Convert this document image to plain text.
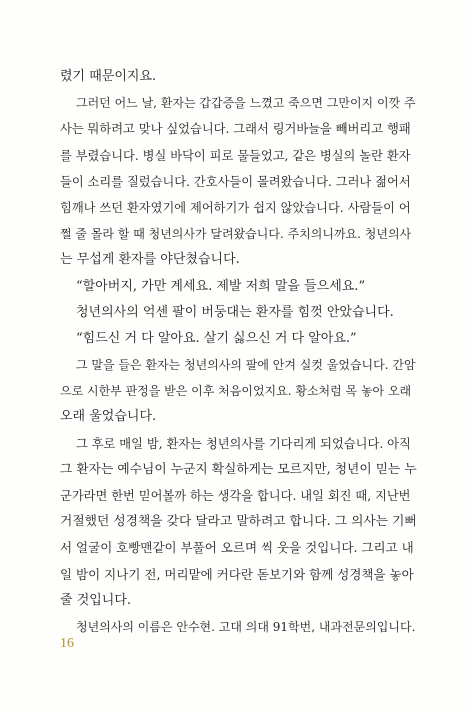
렸기 때문이지요.
그러던 어느 날, 환자는 갑갑증을 느꼈고 죽으면 그만이지 이깟 주
사는 뭐하려고 맞나 싶었습니다. 그래서 링거바늘을 빼버리고 행패
를 부렸습니다. 병실 바닥이 피로 물들었고, 같은 병실의 놀란 환자
들이 소리를 질렀습니다. 간호사들이 몰려왔습니다. 그러나 젊어서
힘깨나 쓰던 환자였기에 제어하기가 쉽지 않았습니다. 사람들이 어
쩔 줄 몰라 할 때 청년의사가 달려왔습니다. 주치의니까요. 청년의사
는 무섭게 환자를 야단쳤습니다.
“할아버지, 가만 계세요. 제발 저희 말을 들으세요.”
청년의사의 억센 팔이 버둥대는 환자를 힘껏 안았습니다.
“힘드신 거 다 알아요. 살기 싫으신 거 다 알아요.”
그 말을 들은 환자는 청년의사의 팔에 안겨 실컷 울었습니다. 간암
으로 시한부 판정을 받은 이후 처음이었지요. 황소처럼 목 놓아 오래
오래 울었습니다.
그 후로 매일 밤, 환자는 청년의사를 기다리게 되었습니다. 아직
그 환자는 예수님이 누군지 확실하게는 모르지만, 청년이 믿는 누
군가라면 한번 믿어볼까 하는 생각을 합니다. 내일 회진 때, 지난번
거절했던 성경책을 갖다 달라고 말하려고 합니다. 그 의사는 기뻐
서 얼굴이 호빵맨같이 부풀어 오르며 씩 웃을 것입니다. 그리고 내
일 밤이 지나기 전, 머리맡에 커다란 돋보기와 함께 성경책을 놓아
줄 것입니다.
청년의사의 이름은 안수현. 고대 의대 91학번, 내과전문의입니다.
16
